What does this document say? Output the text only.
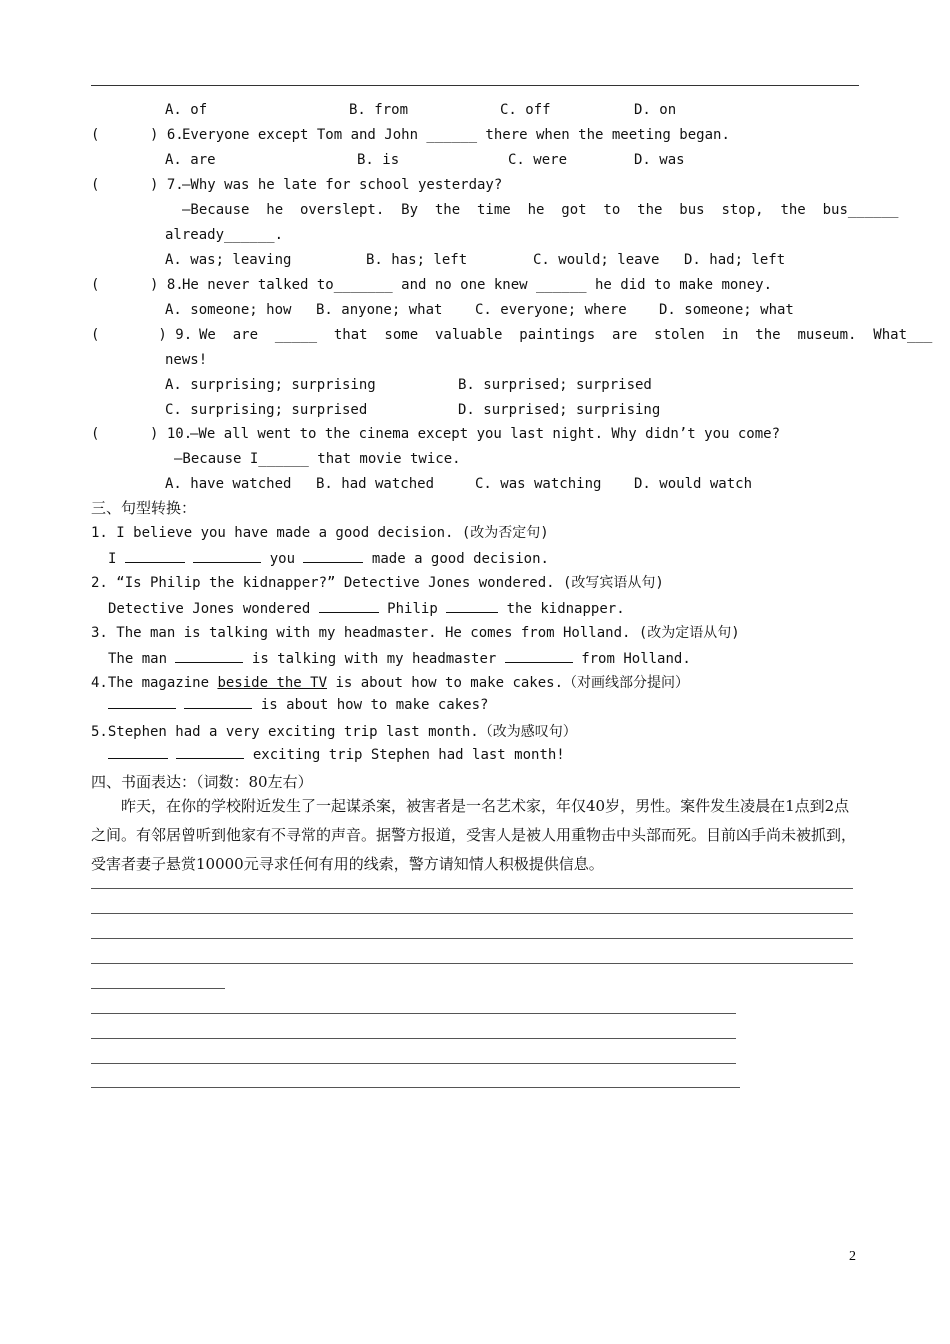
A. of	B. from	C. off	D. on
(      ) 6.
Everyone except Tom and John ______ there when the meeting began.
A. are	B. is	C. were	D. was
(      ) 7.
—Why was he late for school yesterday?
—Because  he  overslept.  By  the  time  he  got  to  the  bus  stop,  the  bus______
already______.
A. was; leaving	B. has; left	C. would; leave D. had; left
(      ) 8.
He never talked to_______ and no one knew ______ he did to make money.
A. someone; how B. anyone; what C. everyone; where D. someone; what
(       ) 9. We  are  _____  that  some  valuable  paintings  are  stolen  in  the  museum.  What___
news!
A. surprising; surprising	B. surprised; surprised
C. surprising; surprised	D. surprised; surprising
(      ) 10.
—We all went to the cinema except you last night. Why didn’t you come?
—Because I______ that movie twice.
A. have watched B. had watched	C. was watching D. would watch
三、句型转换：
1. I believe you have made a good decision. (改为否定句)
I	you	made a good decision.
2. “Is Philip the kidnapper?” Detective Jones wondered. (改写宾语从句)
Detective Jones wondered	Philip	the kidnapper.
3. The man is talking with my headmaster. He comes from Holland. (改为定语从句)
The man	is talking with my headmaster	from Holland.
4.The magazine beside the TV is about how to make cakes.（对画线部分提问）
is about how to make cakes?
5.Stephen had a very exciting trip last month.（改为感叹句）
exciting trip Stephen had last month!
四、书面表达：（词数：80左右）
昨天，在你的学校附近发生了一起谋杀案，被害者是一名艺术家，年仅40岁，男性。案件发生凌晨在1点到2点之间。有邻居曾听到他家有不寻常的声音。据警方报道，受害人是被人用重物击中头部而死。目前凶手尚未被抓到，受害者妻子悬赏10000元寻求任何有用的线索，警方请知情人积极提供信息。
2
